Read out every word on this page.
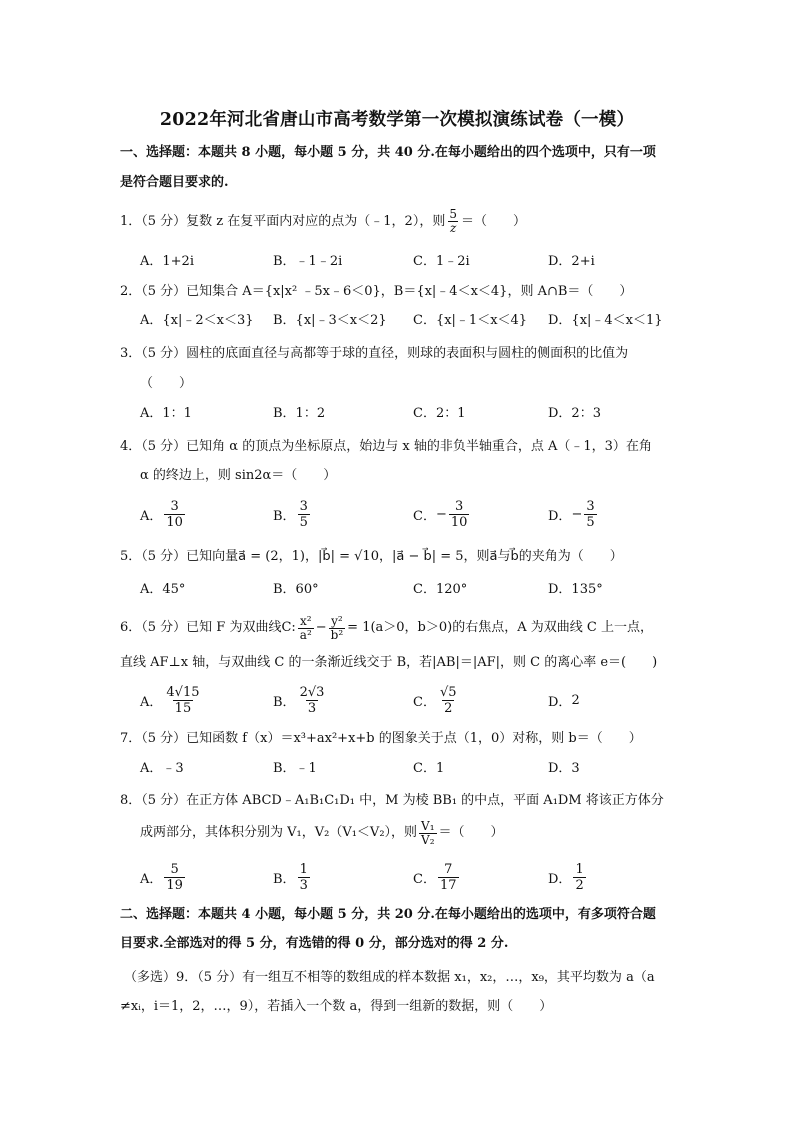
2022年河北省唐山市高考数学第一次模拟演练试卷（一模）
一、选择题：本题共 8 小题，每小题 5 分，共 40 分.在每小题给出的四个选项中，只有一项
是符合题目要求的.
1．（5 分）复数 z 在复平面内对应的点为（﹣1，2），则 $\frac{5}{z}$ ＝（　　）
A．1+2i	B．﹣1﹣2i	C．1﹣2i	D．2+i
2．（5 分）已知集合 A＝{x|x² ﹣5x﹣6＜0}，B＝{x|﹣4＜x＜4}，则 A∩B＝（　　）
A．{x|﹣2＜x＜3} B．{x|﹣3＜x＜2} C．{x|﹣1＜x＜4} D．{x|﹣4＜x＜1}
3．（5 分）圆柱的底面直径与高都等于球的直径，则球的表面积与圆柱的侧面积的比值为
（　　）
A．1：1	B．1：2	C．2：1	D．2：3
4．（5 分）已知角 α 的顶点为坐标原点，始边与 x 轴的非负半轴重合，点 A（﹣1，3）在角
α 的终边上，则 sin2α＝（　　）
A． $\frac{3}{10}$	B． $\frac{3}{5}$	C． − $\frac{3}{10}$	D． − $\frac{3}{5}$
5．（5 分）已知向量a⃗ = (2，1)，|b⃗| = √10，|a⃗ − b⃗| = 5，则a⃗与b⃗的夹角为（　　）
A．45°	B．60°	C．120°	D．135°
6．（5 分）已知 F 为双曲线C: $\frac{\text{x²}}{\text{a²}} - \frac{\text{y²}}{\text{b²}} = 1(a>0$，b＞0)的右焦点，A 为双曲线 C 上一点，
直线 AF⊥x 轴，与双曲线 C 的一条渐近线交于 B，若|AB|＝|AF|，则 C 的离心率 e＝(　　)
A． $\frac{4√15}{15}$	B． $\frac{2√3}{3}$	C． $\frac{√5}{2}$	D． 2
7．（5 分）已知函数 f（x）＝x³+ax²+x+b 的图象关于点（1，0）对称，则 b＝（　　）
A．﹣3	B．﹣1	C．1	D．3
8．（5 分）在正方体 ABCD﹣A₁B₁C₁D₁ 中，M 为棱 BB₁ 的中点，平面 A₁DM 将该正方体分
成两部分，其体积分别为 V₁，V₂（V₁＜V₂），则 $\frac{\text{V₁}}{\text{V₂}}$ ＝（　　）
A． $\frac{5}{19}$	B． $\frac{1}{3}$	C． $\frac{7}{17}$	D． $\frac{1}{2}$
二、选择题：本题共 4 小题，每小题 5 分，共 20 分.在每小题给出的选项中，有多项符合题
目要求.全部选对的得 5 分，有选错的得 0 分，部分选对的得 2 分.
（多选）9．（5 分）有一组互不相等的数组成的样本数据 x₁，x₂，…，x₉，其平均数为 a（a
≠xᵢ，i＝1，2，…，9），若插入一个数 a，得到一组新的数据，则（　　）
